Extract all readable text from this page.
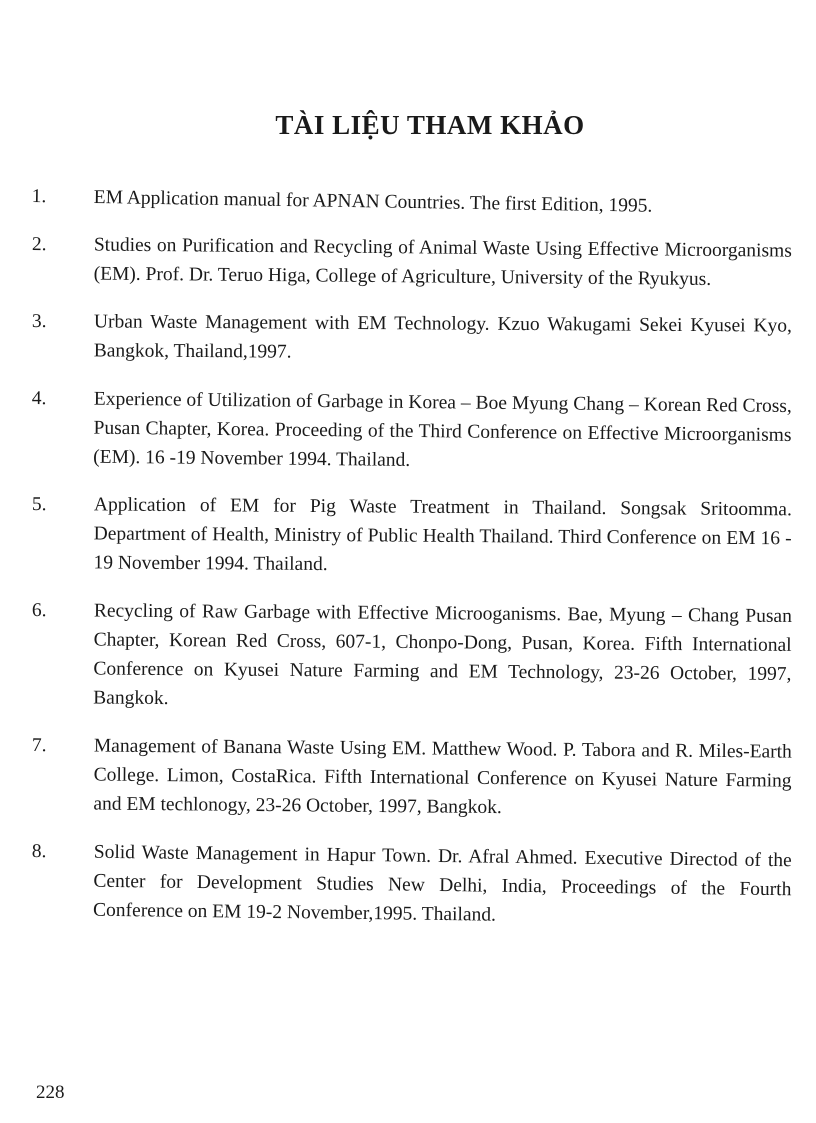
TÀI LIỆU THAM KHẢO
1.	EM Application manual for APNAN Countries. The first Edition, 1995.
2.	Studies on Purification and Recycling of Animal Waste Using Effective Microorganisms (EM). Prof. Dr. Teruo Higa, College of Agriculture, University of the Ryukyus.
3.	Urban Waste Management with EM Technology. Kzuo Wakugami Sekei Kyusei Kyo, Bangkok, Thailand,1997.
4.	Experience of Utilization of Garbage in Korea – Boe Myung Chang – Korean Red Cross, Pusan Chapter, Korea. Proceeding of the Third Conference on Effective Microorganisms (EM). 16 -19 November 1994. Thailand.
5.	Application of EM for Pig Waste Treatment in Thailand. Songsak Sritoomma. Department of Health, Ministry of Public Health Thailand. Third Conference on EM 16 - 19 November 1994. Thailand.
6.	Recycling of Raw Garbage with Effective Microoganisms. Bae, Myung – Chang Pusan Chapter, Korean Red Cross, 607-1, Chonpo-Dong, Pusan, Korea. Fifth International Conference on Kyusei Nature Farming and EM Technology, 23-26 October, 1997, Bangkok.
7.	Management of Banana Waste Using EM. Matthew Wood. P. Tabora and R. Miles-Earth College. Limon, CostaRica. Fifth International Conference on Kyusei Nature Farming and EM techlonogy, 23-26 October, 1997, Bangkok.
8.	Solid Waste Management in Hapur Town. Dr. Afral Ahmed. Executive Directod of the Center for Development Studies New Delhi, India, Proceedings of the Fourth Conference on EM 19-2 November,1995. Thailand.
228
